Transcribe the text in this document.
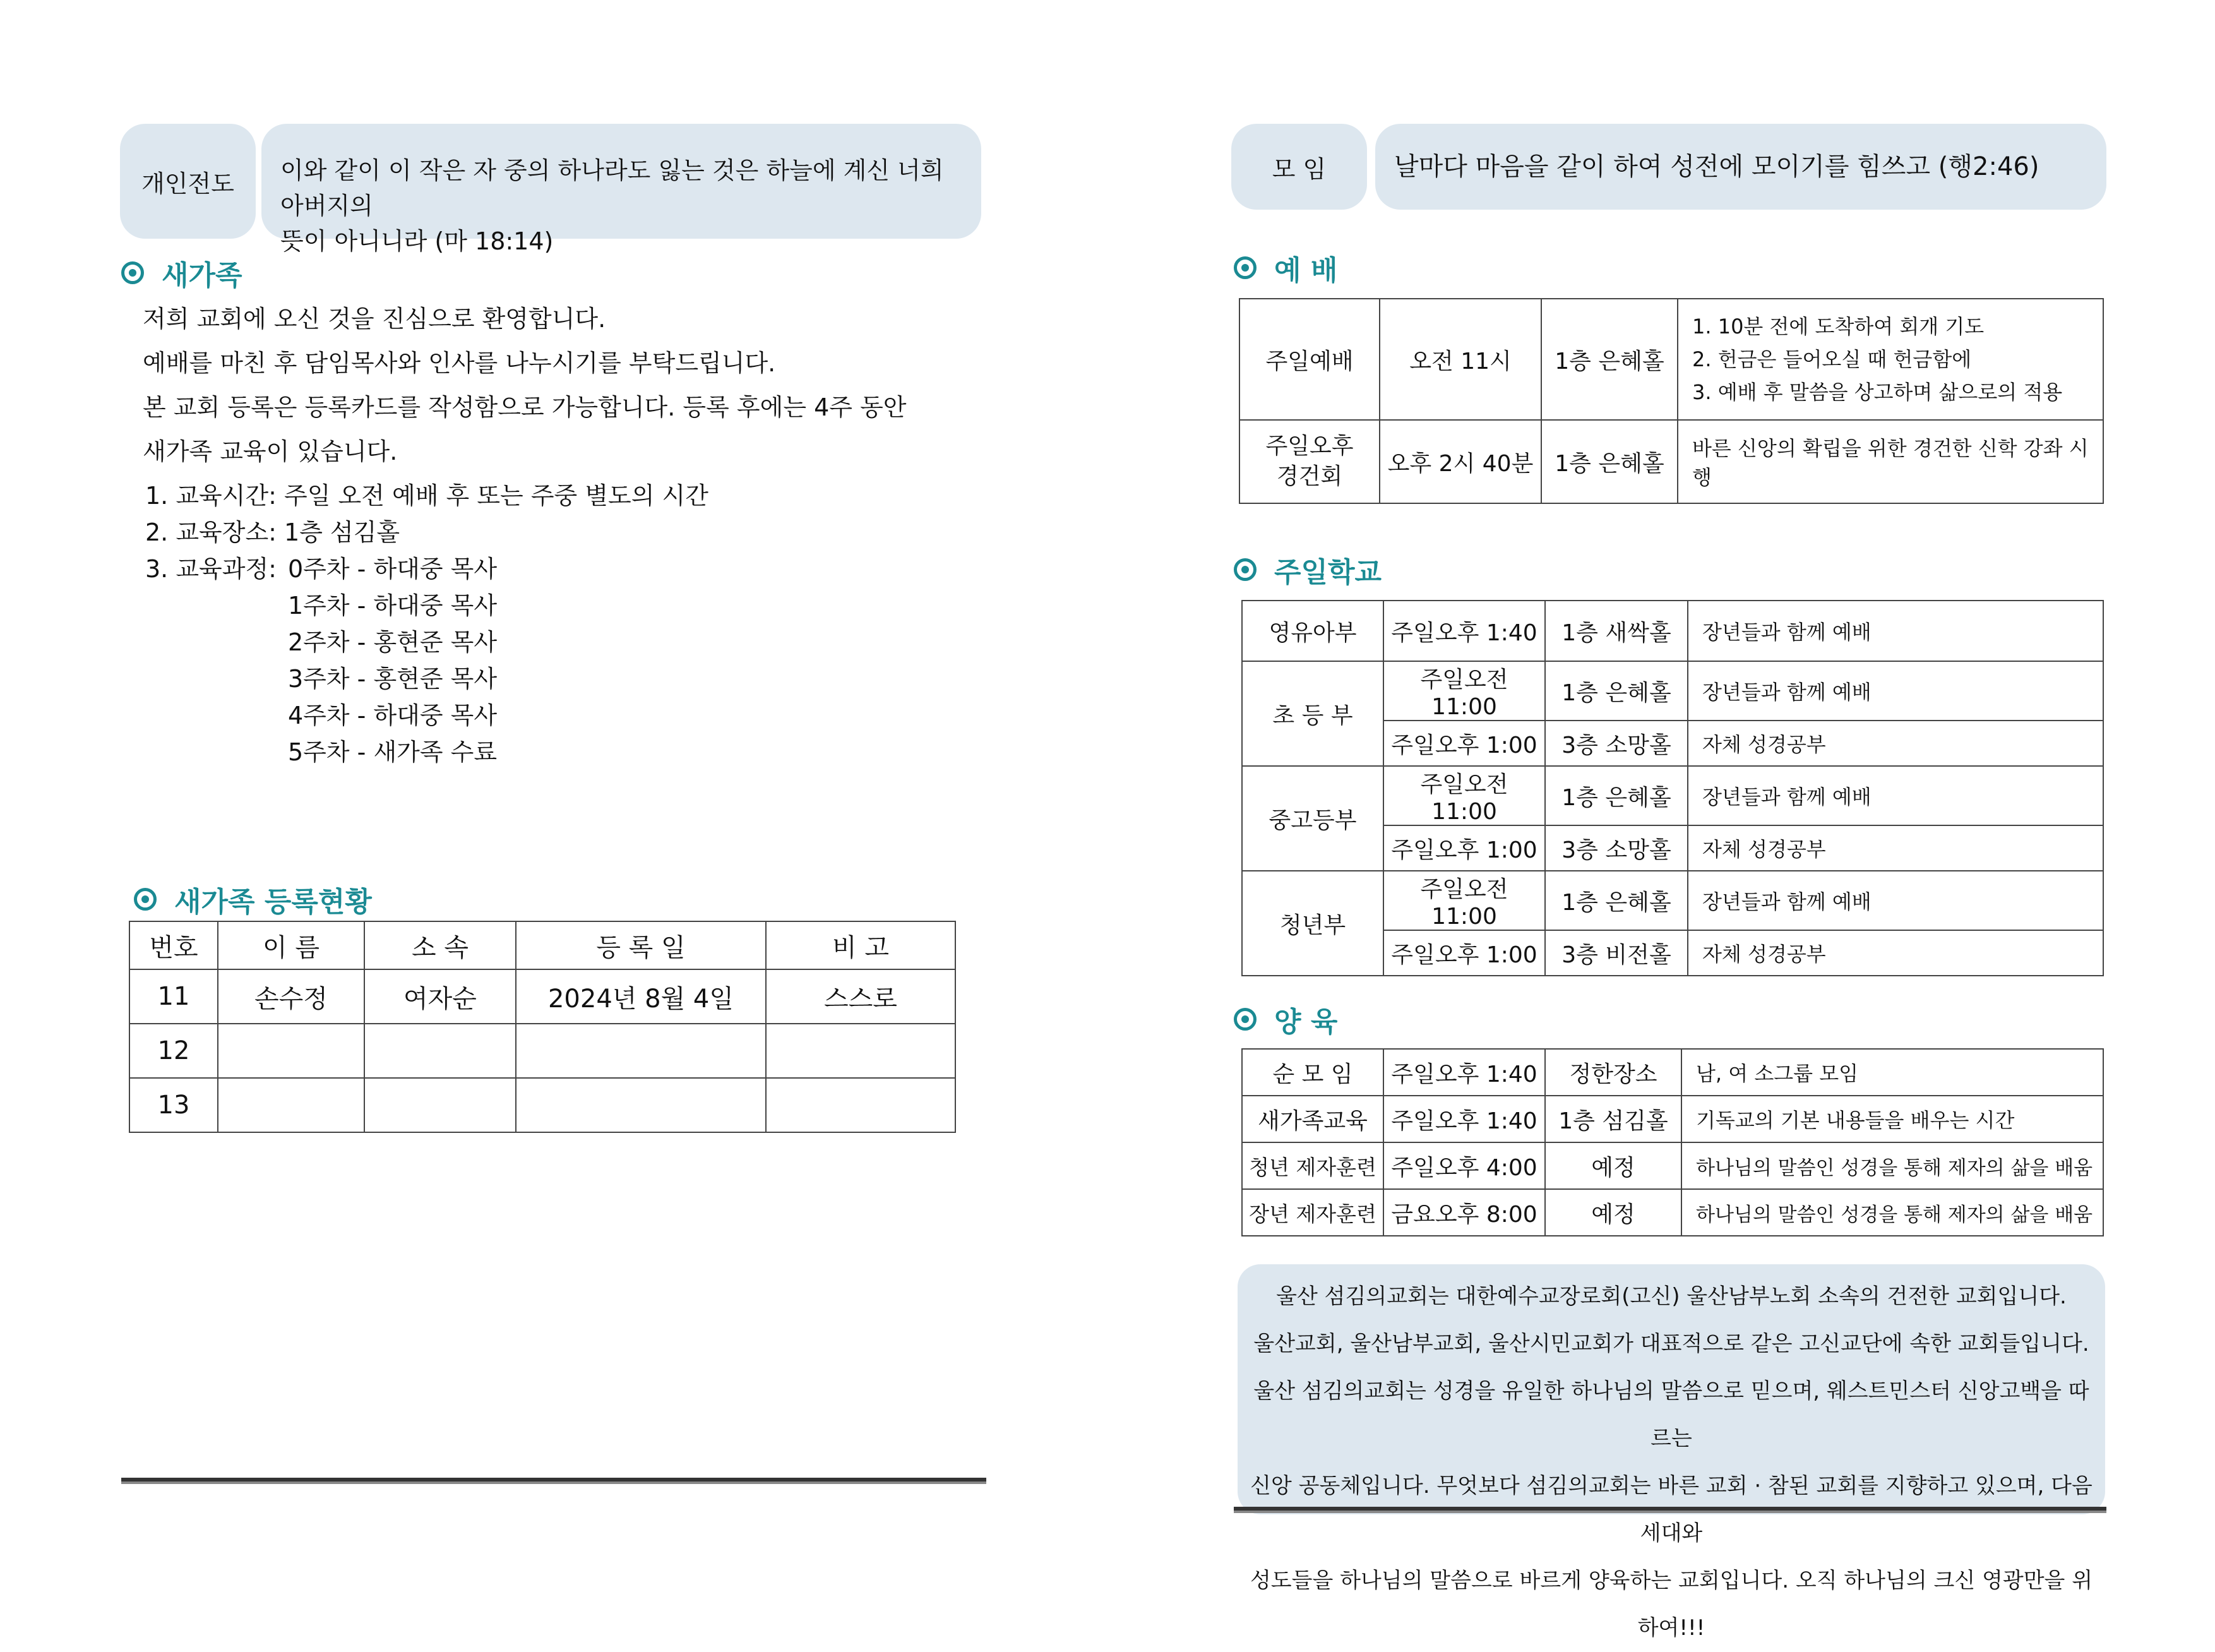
개인전도 이와 같이 이 작은 자 중의 하나라도 잃는 것은 하늘에 계신 너희 아버지의
뜻이 아니니라 (마 18:14)
새가족
저희 교회에 오신 것을 진심으로 환영합니다.
예배를 마친 후 담임목사와 인사를 나누시기를 부탁드립니다.
본 교회 등록은 등록카드를 작성함으로 가능합니다. 등록 후에는 4주 동안
새가족 교육이 있습니다.
1. 교육시간: 주일 오전 예배 후 또는 주중 별도의 시간
2. 교육장소: 1층 섬김홀
3. 교육과정: 0주차 - 하대중 목사
1주차 - 하대중 목사
2주차 - 홍현준 목사
3주차 - 홍현준 목사
4주차 - 하대중 목사
5주차 - 새가족 수료
새가족 등록현황
번호	이 름	소 속	등 록 일	비 고
11	손수정	여자순	2024년 8월 4일	스스로
12				
13				
모 임	날마다 마음을 같이 하여 성전에 모이기를 힘쓰고 (행2:46)
예 배
주일예배	오전 11시	1층 은혜홀	1. 10분 전에 도착하여 회개 기도
2. 헌금은 들어오실 때 헌금함에
3. 예배 후 말씀을 상고하며 삶으로의 적용

주일오후
경건회	오후 2시 40분	1층 은혜홀	바른 신앙의 확립을 위한 경건한 신학 강좌 시행
주일학교
영유아부	주일오후 1:40	1층 새싹홀	장년들과 함께 예배
초 등 부	주일오전 11:00	1층 은혜홀	장년들과 함께 예배
	주일오후 1:00	3층 소망홀	자체 성경공부
중고등부	주일오전 11:00	1층 은혜홀	장년들과 함께 예배
	주일오후 1:00	3층 소망홀	자체 성경공부
청년부	주일오전 11:00	1층 은혜홀	장년들과 함께 예배
	주일오후 1:00	3층 비전홀	자체 성경공부
양 육
순 모 임	주일오후 1:40	정한장소	남, 여 소그룹 모임
새가족교육	주일오후 1:40	1층 섬김홀	기독교의 기본 내용들을 배우는 시간
청년 제자훈련	주일오후 4:00	예정	하나님의 말씀인 성경을 통해 제자의 삶을 배움
장년 제자훈련	금요오후 8:00	예정	하나님의 말씀인 성경을 통해 제자의 삶을 배움
울산 섬김의교회는 대한예수교장로회(고신) 울산남부노회 소속의 건전한 교회입니다.
울산교회, 울산남부교회, 울산시민교회가 대표적으로 같은 고신교단에 속한 교회들입니다.
울산 섬김의교회는 성경을 유일한 하나님의 말씀으로 믿으며, 웨스트민스터 신앙고백을 따르는
신앙 공동체입니다. 무엇보다 섬김의교회는 바른 교회 · 참된 교회를 지향하고 있으며, 다음세대와
성도들을 하나님의 말씀으로 바르게 양육하는 교회입니다. 오직 하나님의 크신 영광만을 위하여!!!
